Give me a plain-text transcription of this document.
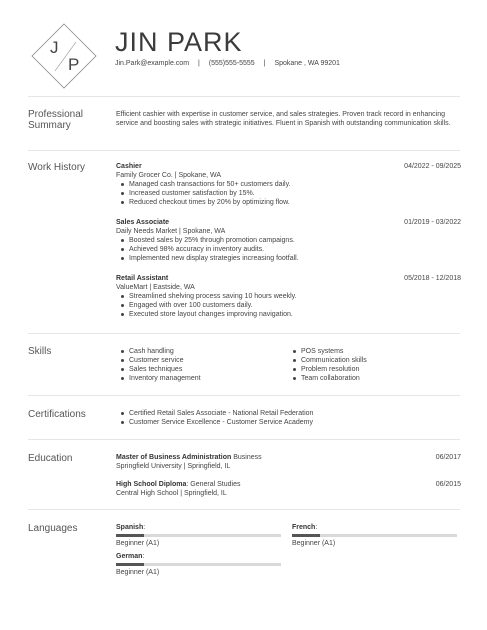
J
P
JIN PARK
Jin.Park@example.com | (555)555-5555 | Spokane , WA 99201
Professional
Summary
Efficient cashier with expertise in customer service, and sales strategies. Proven track record in enhancing service and boosting sales with strategic initiatives. Fluent in Spanish with outstanding communication skills.
Work History	Cashier	04/2022 - 09/2025
Family Grocer Co. | Spokane, WA
Managed cash transactions for 50+ customers daily.
Increased customer satisfaction by 15%.
Reduced checkout times by 20% by optimizing flow.
Sales Associate	01/2019 - 03/2022
Daily Needs Market | Spokane, WA
Boosted sales by 25% through promotion campaigns.
Achieved 98% accuracy in inventory audits.
Implemented new display strategies increasing footfall.
Retail Assistant	05/2018 - 12/2018
ValueMart | Eastside, WA
Streamlined shelving process saving 10 hours weekly.
Engaged with over 100 customers daily.
Executed store layout changes improving navigation.
Skills	Cash handling
Customer service
Sales techniques
Inventory management
POS systems
Communication skills
Problem resolution
Team collaboration
Certifications	Certified Retail Sales Associate - National Retail Federation
Customer Service Excellence - Customer Service Academy
Education	Master of Business Administration Business	06/2017
Springfield University | Springfield, IL
High School Diploma: General Studies	06/2015
Central High School | Springfield, IL
Languages	Spanish:
Beginner (A1)
French:
Beginner (A1)
German:
Beginner (A1)
